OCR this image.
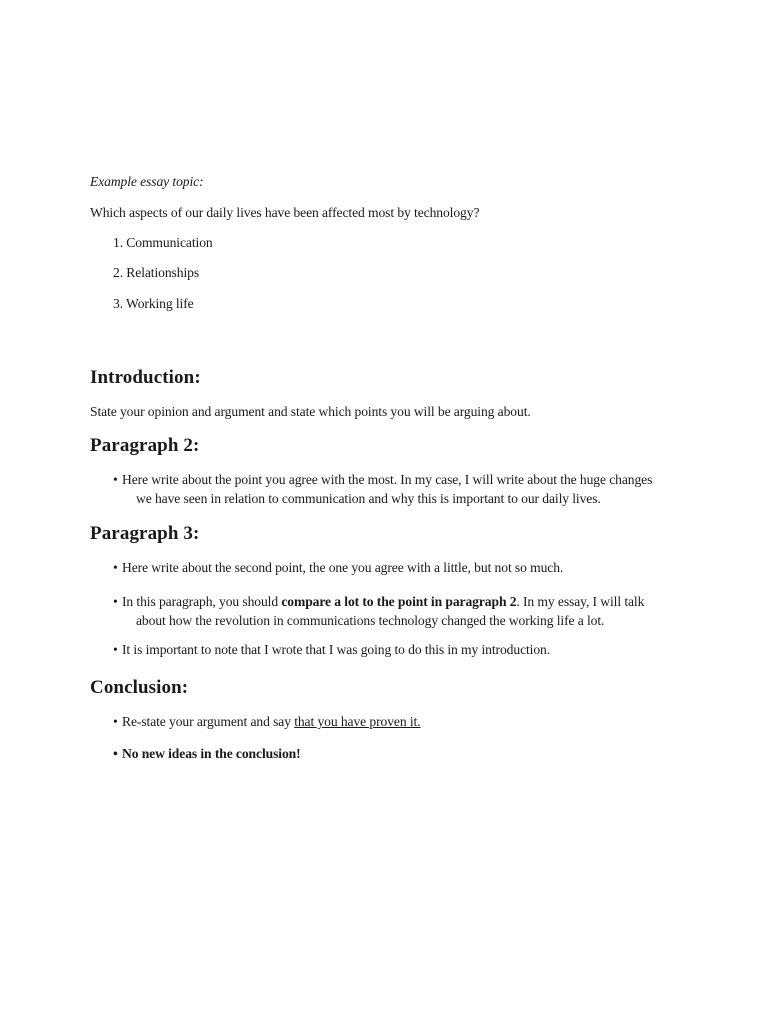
Example essay topic:
Which aspects of our daily lives have been affected most by technology?
1. Communication
2. Relationships
3. Working life
Introduction:
State your opinion and argument and state which points you will be arguing about.
Paragraph 2:
• Here write about the point you agree with the most. In my case, I will write about the huge changes
we have seen in relation to communication and why this is important to our daily lives.
Paragraph 3:
• Here write about the second point, the one you agree with a little, but not so much.
• In this paragraph, you should compare a lot to the point in paragraph 2. In my essay, I will talk
about how the revolution in communications technology changed the working life a lot.
• It is important to note that I wrote that I was going to do this in my introduction.
Conclusion:
• Re-state your argument and say that you have proven it.
• No new ideas in the conclusion!
